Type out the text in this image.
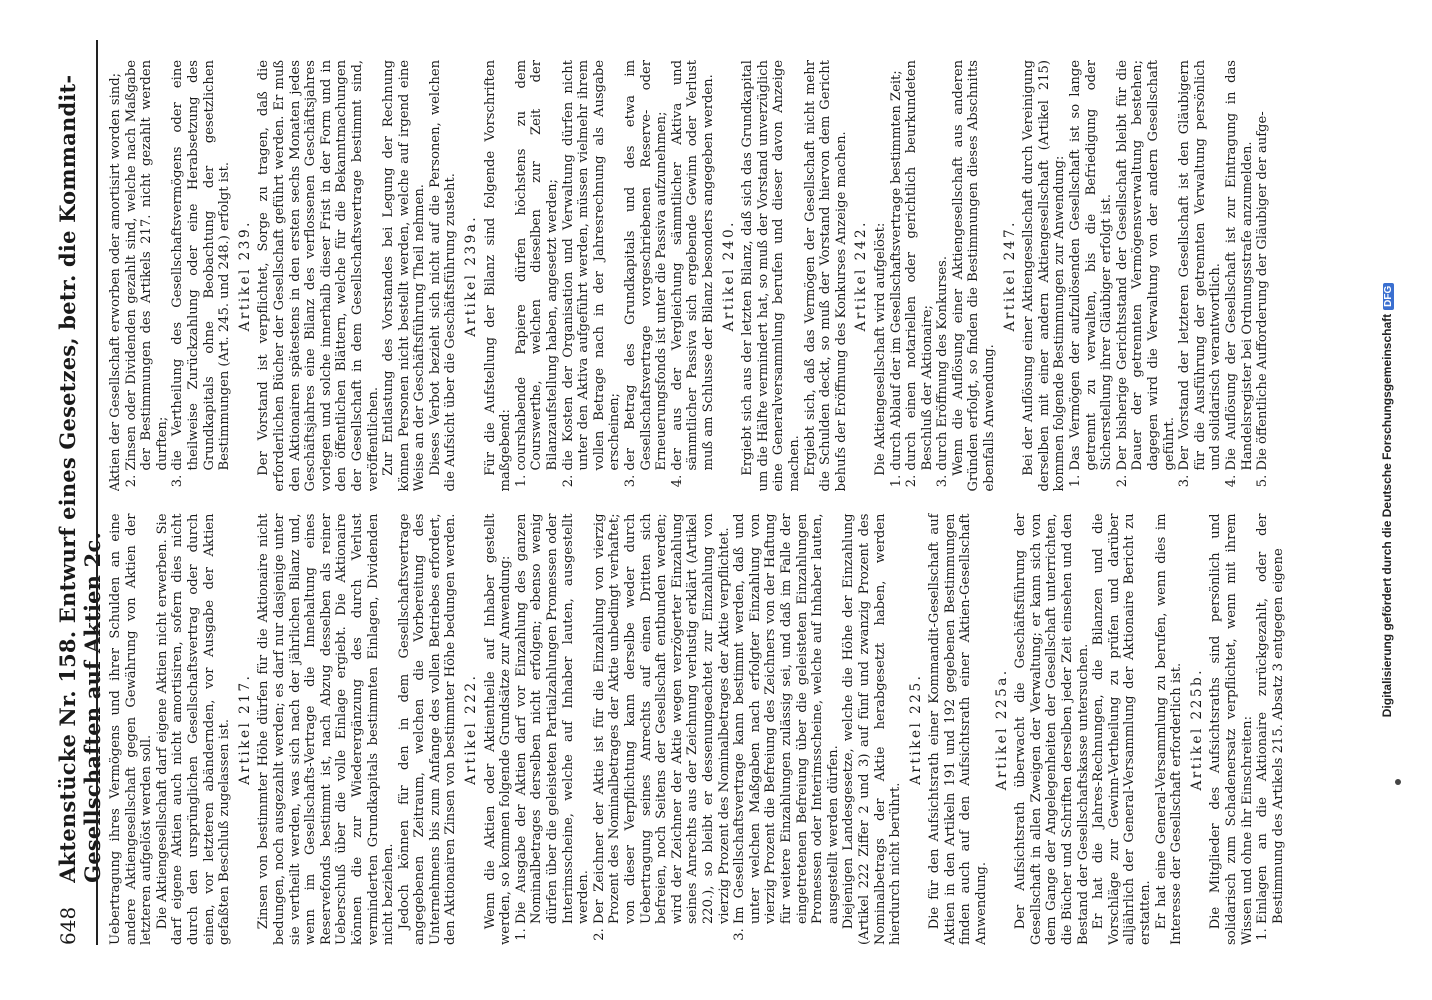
648
Aktenstücke Nr. 158. Entwurf eines Gesetzes, betr. die Kommandit-Gesellschaften auf Aktien 2c. Uebertragung ihres Vermögens und ihrer Schulden an eine andere Aktiengesellschaft gegen Gewährung von Aktien der letzteren aufgelöst werden soll. Die Aktiengesellschaft darf eigene Aktien nicht erwerben. Sie darf eigene Aktien auch nicht amortisiren, sofern dies nicht durch den ursprünglichen Gesellschaftsvertrag oder durch einen, vor letzteren abändernden, vor Ausgabe der Aktien gefaßten Beschluß zugelassen ist. Artikel 217. Zinsen von bestimmter Höhe dürfen für die Aktionaire nicht bedungen, noch ausgezahlt werden; es darf nur dasjenige unter sie vertheilt werden, was sich nach der jährlichen Bilanz und, wenn im Gesellschafts-Vertrage die Innehaltung eines Reservefonds bestimmt ist, nach Abzug desselben als reiner Ueberschuß über die volle Einlage ergiebt. Die Aktionaire können die zur Wiederergänzung des durch Verlust verminderten Grundkapitals bestimmten Einlagen, Dividenden nicht beziehen. Jedoch können für den in dem Gesellschaftsvertrage angegebenen Zeitraum, welchen die Vorbereitung des Unternehmens bis zum Anfange des vollen Betriebes erfordert, den Aktionairen Zinsen von bestimmter Höhe bedungen werden. Artikel 222. Wenn die Aktien oder Aktientheile auf Inhaber gestellt werden, so kommen folgende Grundsätze zur Anwendung: 1. Die Ausgabe der Aktien darf vor Einzahlung des ganzen Nominalbetrages derselben nicht erfolgen; ebenso wenig dürfen über die geleisteten Partialzahlungen Promessen oder Interimsscheine, welche auf Inhaber lauten, ausgestellt werden. 2. Der Zeichner der Aktie ist für die Einzahlung von vierzig Prozent des Nominalbetrages der Aktie unbedingt verhaftet; von dieser Verpflichtung kann derselbe weder durch Uebertragung seines Anrechts auf einen Dritten sich befreien, noch Seitens der Gesellschaft entbunden werden; wird der Zeichner der Aktie wegen verzögerter Einzahlung seines Anrechts aus der Zeichnung verlustig erklärt (Artikel 220.), so bleibt er dessenungeachtet zur Einzahlung von vierzig Prozent des Nominalbetrages der Aktie verpflichtet. 3. Im Gesellschaftsvertrage kann bestimmt werden, daß und unter welchen Maßgaben nach erfolgter Einzahlung von vierzig Prozent die Befreiung des Zeichners von der Haftung für weitere Einzahlungen zulässig sei, und daß im Falle der eingetretenen Befreiung über die geleisteten Einzahlungen Promessen oder Interimsscheine, welche auf Inhaber lauten, ausgestellt werden dürfen. Diejenigen Landesgesetze, welche die Höhe der Einzahlung (Artikel 222 Ziffer 2 und 3) auf fünf und zwanzig Prozent des Nominalbetrags der Aktie herabgesetzt haben, werden hierdurch nicht berührt.

Artikel 225. Die für den Aufsichtsrath einer Kommandit-Gesellschaft auf Aktien in den Artikeln 191 und 192 gegebenen Bestimmungen finden auch auf den Aufsichtsrath einer Aktien-Gesellschaft Anwendung.

Artikel 225a. Der Aufsichtsrath überwacht die Geschäftsführung der Gesellschaft in allen Zweigen der Verwaltung; er kann sich von dem Gange der Angelegenheiten der Gesellschaft unterrichten, die Bücher und Schriften derselben jeder Zeit einsehen und den Bestand der Gesellschaftskasse untersuchen. Er hat die Jahres-Rechnungen, die Bilanzen und die Vorschläge zur Gewinn-Vertheilung zu prüfen und darüber alljährlich der General-Versammlung der Aktionaire Bericht zu erstatten. Er hat eine General-Versammlung zu berufen, wenn dies im Interesse der Gesellschaft erforderlich ist. Artikel 225b. Die Mitglieder des Aufsichtsraths sind persönlich und solidarisch zum Schadenersatz verpflichtet, wenn mit ihrem Wissen und ohne ihr Einschreiten: 1. Einlagen an die Aktionaire zurückgezahlt, oder der Bestimmung des Artikels 215. Absatz 3 entgegen eigene

Aktien der Gesellschaft erworben oder amortisirt worden sind; 2. Zinsen oder Dividenden gezahlt sind, welche nach Maßgabe der Bestimmungen des Artikels 217. nicht gezahlt werden durften; 3. die Vertheilung des Gesellschaftsvermögens oder eine theilweise Zurückzahlung oder eine Herabsetzung des Grundkapitals ohne Beobachtung der gesetzlichen Bestimmungen (Art. 245. und 248.) erfolgt ist. Artikel 239. Der Vorstand ist verpflichtet, Sorge zu tragen, daß die erforderlichen Bücher der Gesellschaft geführt werden. Er muß den Aktionairen spätestens in den ersten sechs Monaten jedes Geschäftsjahres eine Bilanz des verflossenen Geschäftsjahres vorlegen und solche innerhalb dieser Frist in der Form und in den öffentlichen Blättern, welche für die Bekanntmachungen der Gesellschaft in dem Gesellschaftsvertrage bestimmt sind, veröffentlichen. Zur Entlastung des Vorstandes bei Legung der Rechnung können Personen nicht bestellt werden, welche auf irgend eine Weise an der Geschäftsführung Theil nehmen. Dieses Verbot bezieht sich nicht auf die Personen, welchen die Aufsicht über die Geschäftsführung zusteht. Artikel 239a. Für die Aufstellung der Bilanz sind folgende Vorschriften maßgebend: 1. courshabende Papiere dürfen höchstens zu dem Courswerthe, welchen dieselben zur Zeit der Bilanzaufstellung haben, angesetzt werden; 2. die Kosten der Organisation und Verwaltung dürfen nicht unter den Aktiva aufgeführt werden, müssen vielmehr ihrem vollen Betrage nach in der Jahresrechnung als Ausgabe erscheinen; 3. der Betrag des Grundkapitals und des etwa im Gesellschaftsvertrage vorgeschriebenen Reserve- oder Erneuerungsfonds ist unter die Passiva aufzunehmen; 4. der aus der Vergleichung sämmtlicher Aktiva und sämmtlicher Passiva sich ergebende Gewinn oder Verlust muß am Schlusse der Bilanz besonders angegeben werden. Artikel 240. Ergiebt sich aus der letzten Bilanz, daß sich das Grundkapital um die Hälfte vermindert hat, so muß der Vorstand unverzüglich eine Generalversammlung berufen und dieser davon Anzeige machen. Ergiebt sich, daß das Vermögen der Gesellschaft nicht mehr die Schulden deckt, so muß der Vorstand hiervon dem Gericht behufs der Eröffnung des Konkurses Anzeige machen. Artikel 242. Die Aktiengesellschaft wird aufgelöst: 1. durch Ablauf der im Gesellschaftsvertrage bestimmten Zeit; 2. durch einen notariellen oder gerichtlich beurkundeten Beschluß der Aktionaire; 3. durch Eröffnung des Konkurses. Wenn die Auflösung einer Aktiengesellschaft aus anderen Gründen erfolgt, so finden die Bestimmungen dieses Abschnitts ebenfalls Anwendung.

Artikel 247. Bei der Auflösung einer Aktiengesellschaft durch Vereinigung derselben mit einer andern Aktiengesellschaft (Artikel 215) kommen folgende Bestimmungen zur Anwendung: 1. Das Vermögen der aufzulösenden Gesellschaft ist so lange getrennt zu verwalten, bis die Befriedigung oder Sicherstellung ihrer Gläubiger erfolgt ist. 2. Der bisherige Gerichtsstand der Gesellschaft bleibt für die Dauer der getrennten Vermögensverwaltung bestehen; dagegen wird die Verwaltung von der andern Gesellschaft geführt. 3. Der Vorstand der letzteren Gesellschaft ist den Gläubigern für die Ausführung der getrennten Verwaltung persönlich und solidarisch verantwortlich. 4. Die Auflösung der Gesellschaft ist zur Eintragung in das Handelsregister bei Ordnungsstrafe anzumelden. 5. Die öffentliche Aufforderung der Gläubiger der aufge-
Digitalisierung gefördert durch die Deutsche ForschungsgemeinschaftDFG
